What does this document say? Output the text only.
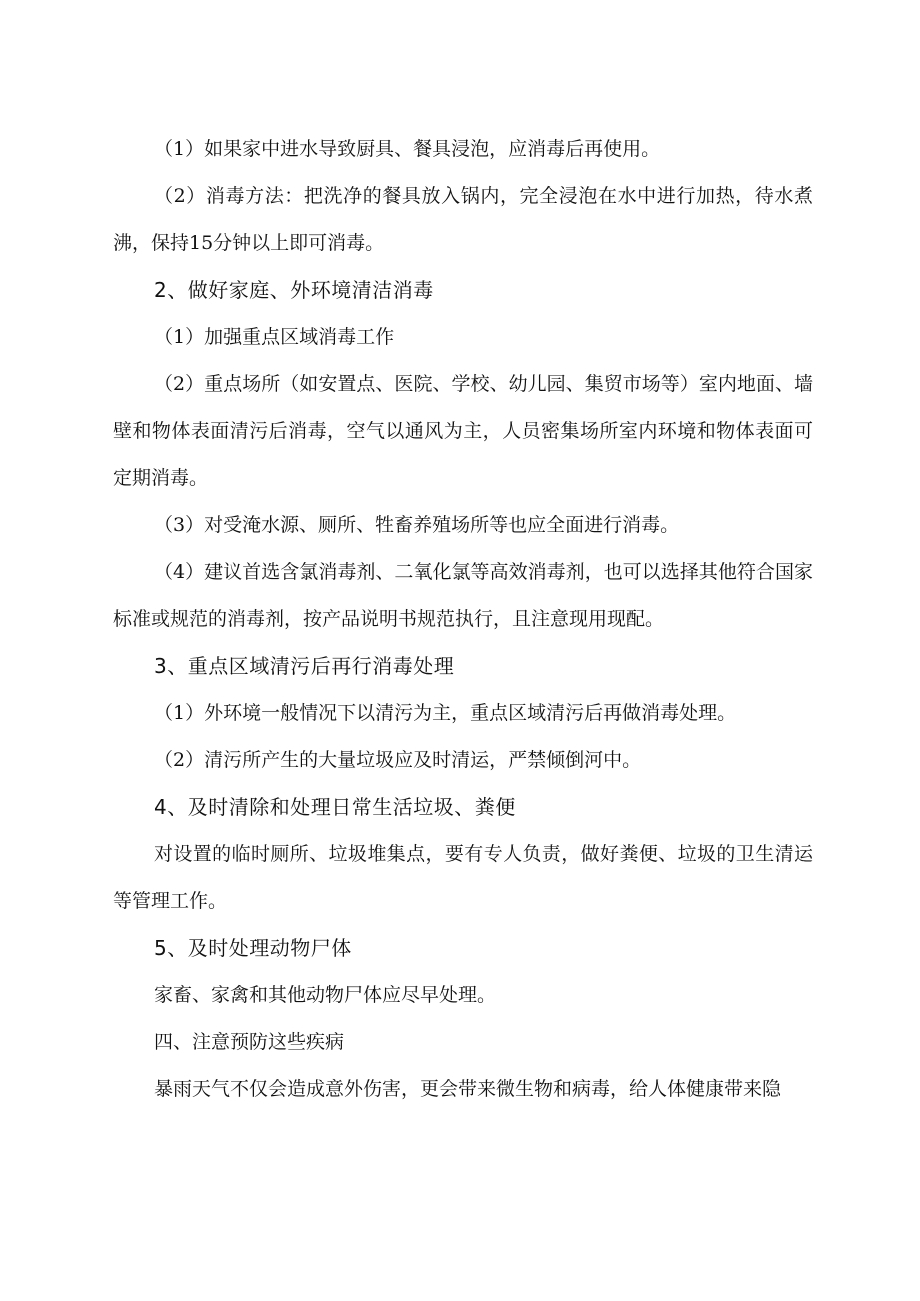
（1）如果家中进水导致厨具、餐具浸泡，应消毒后再使用。

（2）消毒方法：把洗净的餐具放入锅内，完全浸泡在水中进行加热，待水煮沸，保持15分钟以上即可消毒。

2、做好家庭、外环境清洁消毒

（1）加强重点区域消毒工作

（2）重点场所（如安置点、医院、学校、幼儿园、集贸市场等）室内地面、墙壁和物体表面清污后消毒，空气以通风为主，人员密集场所室内环境和物体表面可定期消毒。

（3）对受淹水源、厕所、牲畜养殖场所等也应全面进行消毒。

（4）建议首选含氯消毒剂、二氧化氯等高效消毒剂，也可以选择其他符合国家标准或规范的消毒剂，按产品说明书规范执行，且注意现用现配。

3、重点区域清污后再行消毒处理

（1）外环境一般情况下以清污为主，重点区域清污后再做消毒处理。

（2）清污所产生的大量垃圾应及时清运，严禁倾倒河中。

4、及时清除和处理日常生活垃圾、粪便

对设置的临时厕所、垃圾堆集点，要有专人负责，做好粪便、垃圾的卫生清运等管理工作。

5、及时处理动物尸体

家畜、家禽和其他动物尸体应尽早处理。

四、注意预防这些疾病

暴雨天气不仅会造成意外伤害，更会带来微生物和病毒，给人体健康带来隐
